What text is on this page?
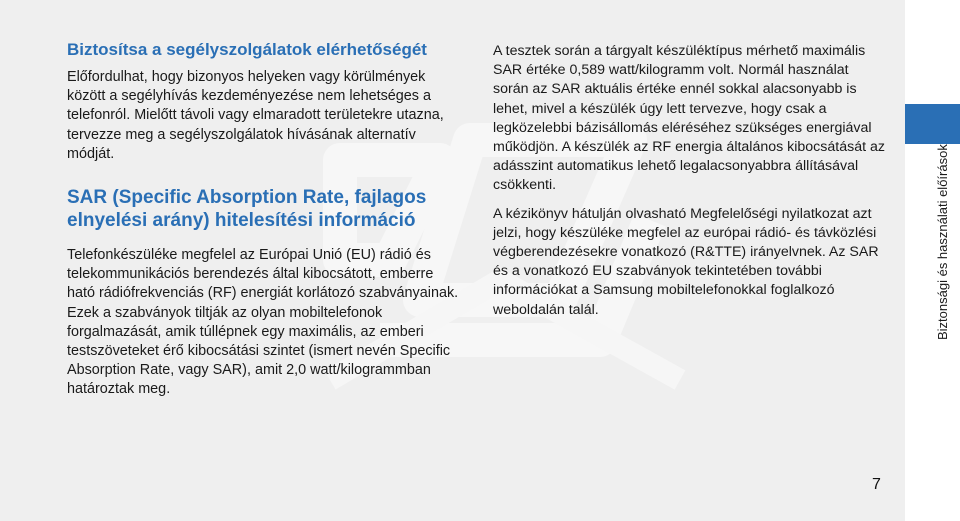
Biztosítsa a segélyszolgálatok elérhetőségét

Előfordulhat, hogy bizonyos helyeken vagy körülmények között a segélyhívás kezdeményezése nem lehetséges a telefonról. Mielőtt távoli vagy elmaradott területekre utazna, tervezze meg a segélyszolgálatok hívásának alternatív módját.

SAR (Specific Absorption Rate, fajlagos elnyelési arány) hitelesítési információ

Telefonkészüléke megfelel az Európai Unió (EU) rádió és telekommunikációs berendezés által kibocsátott, emberre ható rádiófrekvenciás (RF) energiát korlátozó szabványainak. Ezek a szabványok tiltják az olyan mobiltelefonok forgalmazását, amik túllépnek egy maximális, az emberi testszöveteket érő kibocsátási szintet (ismert nevén Specific Absorption Rate, vagy SAR), amit 2,0 watt/kilogrammban határoztak meg.

A tesztek során a tárgyalt készüléktípus mérhető maximális SAR értéke 0,589 watt/kilogramm volt. Normál használat során az SAR aktuális értéke ennél sokkal alacsonyabb is lehet, mivel a készülék úgy lett tervezve, hogy csak a legközelebbi bázisállomás eléréséhez szükséges energiával működjön. A készülék az RF energia általános kibocsátását az adásszint automatikus lehető legalacsonyabbra állításával csökkenti.

A kézikönyv hátulján olvasható Megfelelőségi nyilatkozat azt jelzi, hogy készüléke megfelel az európai rádió- és távközlési végberendezésekre vonatkozó (R&TTE) irányelvnek. Az SAR és a vonatkozó EU szabványok tekintetében további információkat a Samsung mobiltelefonokkal foglalkozó weboldalán talál.

7
Biztonsági és használati előírások
